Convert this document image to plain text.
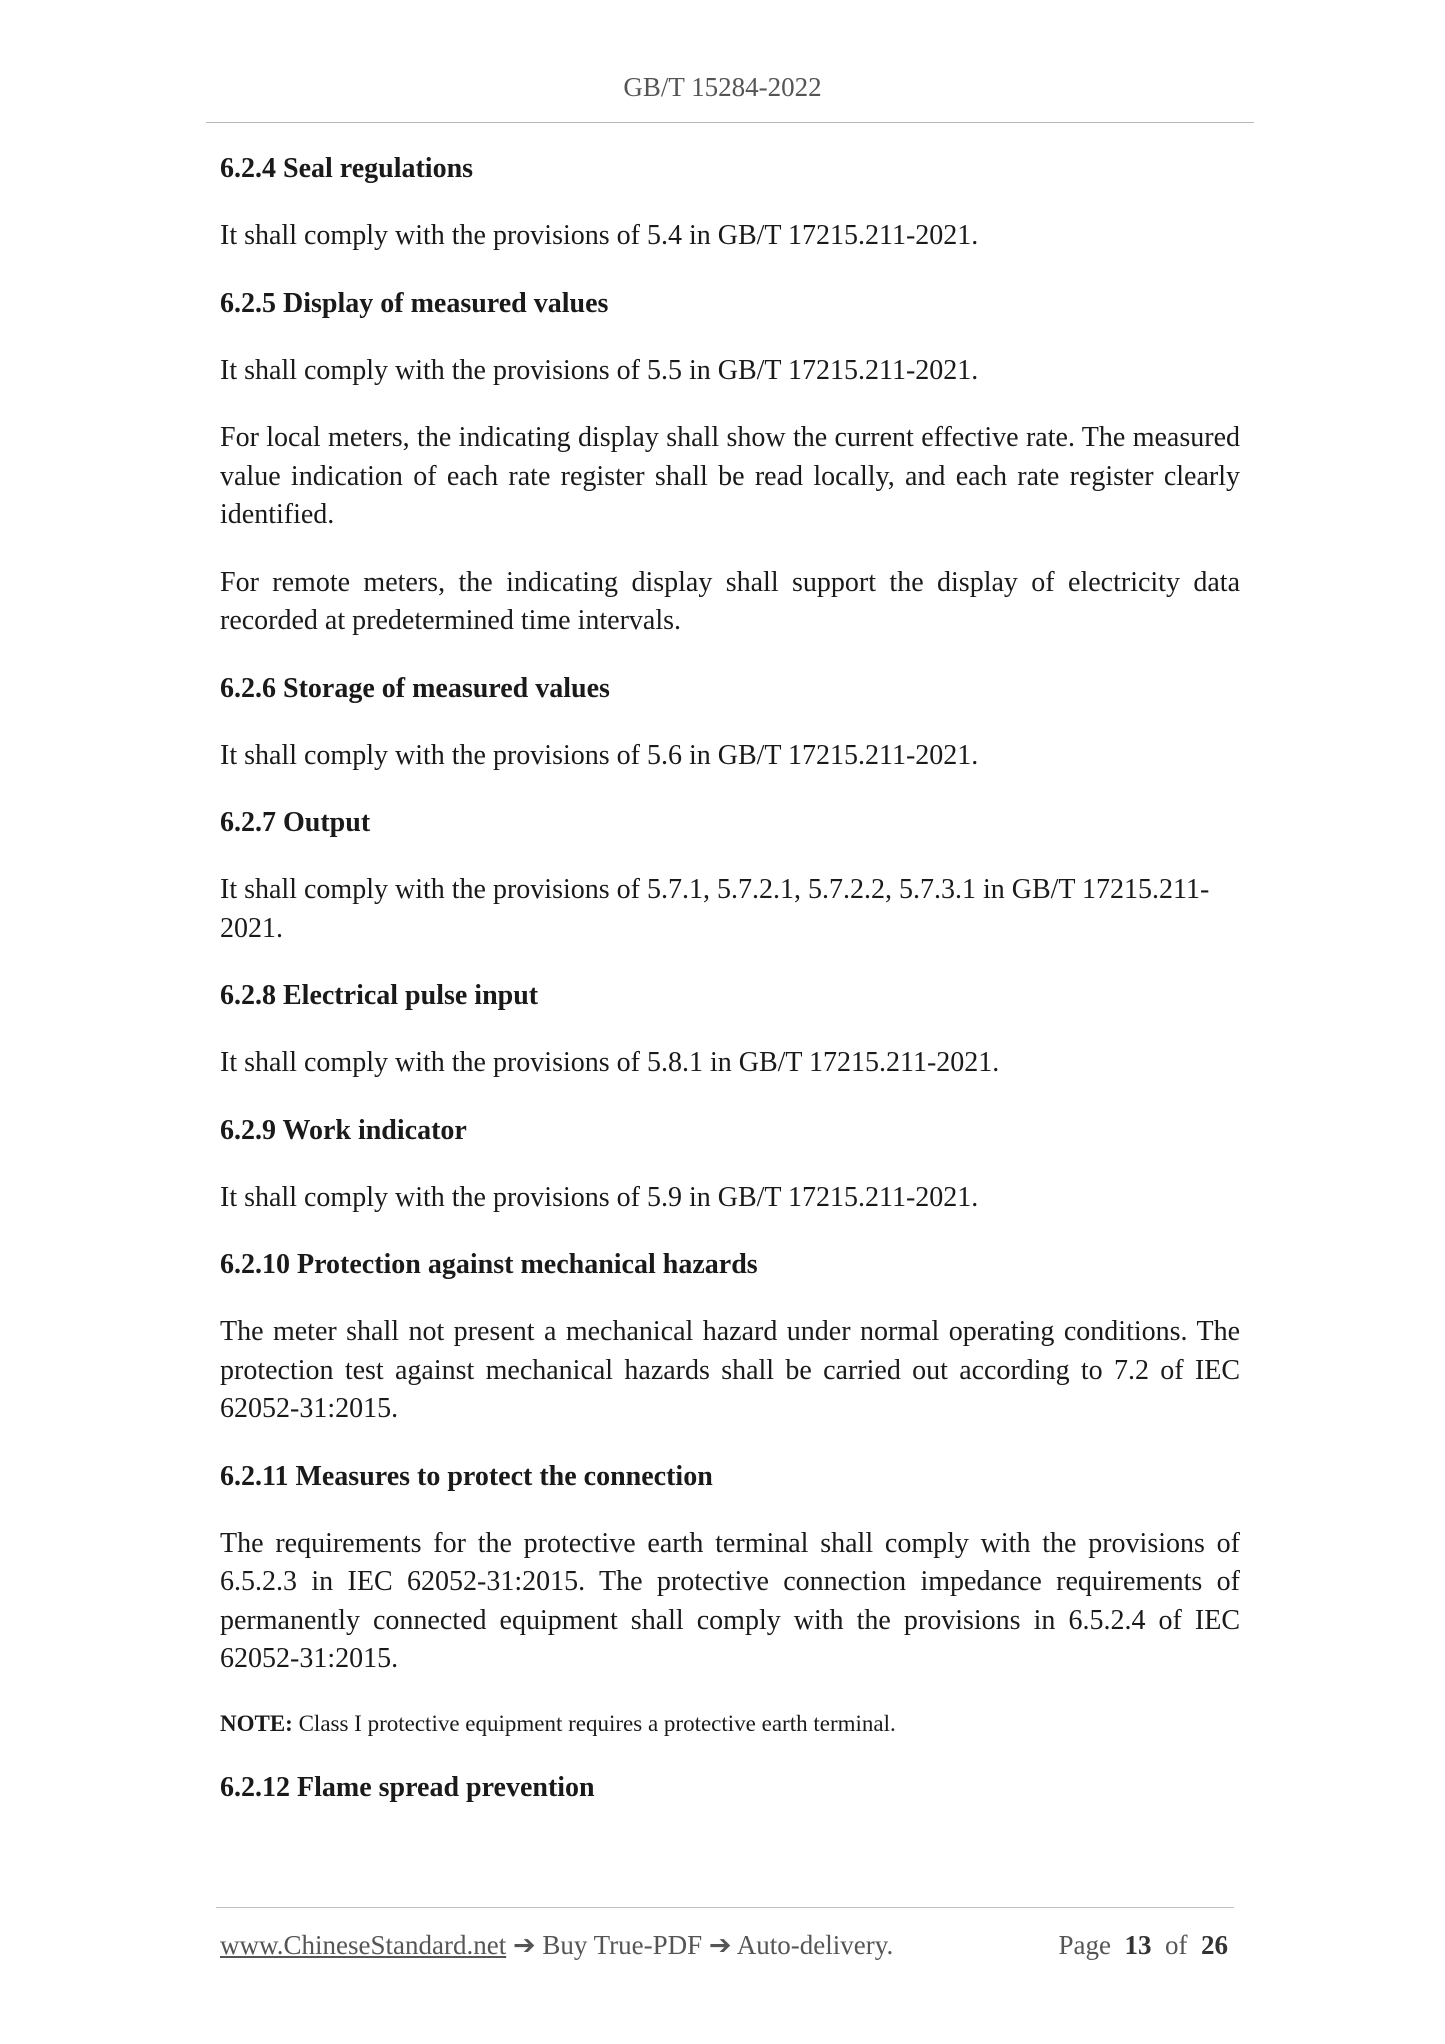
GB/T 15284-2022

6.2.4 Seal regulations

It shall comply with the provisions of 5.4 in GB/T 17215.211-2021.

6.2.5 Display of measured values

It shall comply with the provisions of 5.5 in GB/T 17215.211-2021.

For local meters, the indicating display shall show the current effective rate. The measured value indication of each rate register shall be read locally, and each rate register clearly identified.

For remote meters, the indicating display shall support the display of electricity data recorded at predetermined time intervals.

6.2.6 Storage of measured values

It shall comply with the provisions of 5.6 in GB/T 17215.211-2021.

6.2.7 Output

It shall comply with the provisions of 5.7.1, 5.7.2.1, 5.7.2.2, 5.7.3.1 in GB/T 17215.211-2021.

6.2.8 Electrical pulse input

It shall comply with the provisions of 5.8.1 in GB/T 17215.211-2021.

6.2.9 Work indicator

It shall comply with the provisions of 5.9 in GB/T 17215.211-2021.

6.2.10 Protection against mechanical hazards

The meter shall not present a mechanical hazard under normal operating conditions. The protection test against mechanical hazards shall be carried out according to 7.2 of IEC 62052-31:2015.

6.2.11 Measures to protect the connection

The requirements for the protective earth terminal shall comply with the provisions of 6.5.2.3 in IEC 62052-31:2015. The protective connection impedance requirements of permanently connected equipment shall comply with the provisions in 6.5.2.4 of IEC 62052-31:2015.

NOTE: Class I protective equipment requires a protective earth terminal.

6.2.12 Flame spread prevention

www.ChineseStandard.net ➔ Buy True-PDF ➔ Auto-delivery.	Page 13 of 26
